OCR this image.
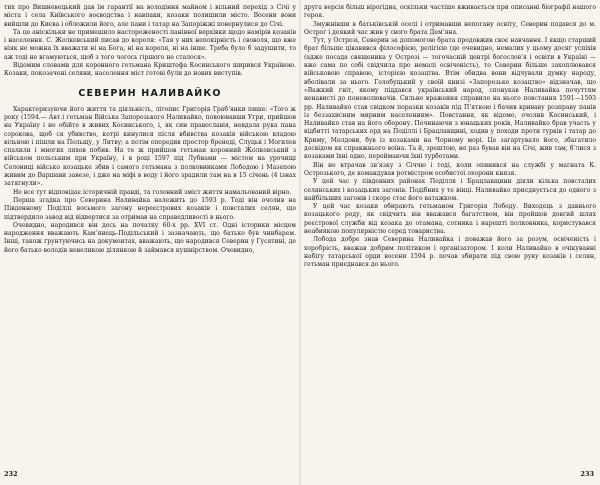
тих про Вишневецький дав їм гарантії на володіння майном і вільний перехід з Січі у міста і села Київського воєводства і навпаки, козаки полишили місто. Восени вони вийшли до Києва і обложили його, але пани і татар на Запоріжжі повернулися до Січі.

Та це аніскільки не примешило настороженості панівної верхівки щодо намірів козаків і населення. С. Жолкевський писав до короля: «Тая у них непокірність і своволя, що вже ніяк не можна їх вважати ні на Бога, ні на короля, ні на іншe. Треба було б задушити, то аж тоді не вгамуються, щоб з того чогось гіршого не сталося».

Відомим словами для коронного гетьмана Криштофа Косинського ширився Україною. Козаки, покозачені селяни, населення міст готові були до нових виступів.

СЕВЕРИН НАЛИВАЙКО

Характеризуючи його життя та діяльність, літопис Григорія Грабʼянки пише: «Того ж року (1594.— Авт.) гетьман Війська Запорозького Наливайко, повоювавши Угри, прийшов на Україну і не обійте в живих Косинського, і, як син православія, невдала рука пана сорокова, щоб ся убивство, котрі кинулися після вбивства козаків війською владою вільною і пішли на Польщу, у Литву; а потім опередив простор бренеді, Слуцьк і Могилев спалили і многих ляхов побив. На те ж прийшов гетьман коронний Жолкевський з військом польським при Україну, і в році 1597 під Лубнами — містом на урочищі Солониці військо козацьке збив і самого гетьмана з полковниками Лободою і Мазепою живим до Варшави завезе, і дже на міфі в воду і його зрадили там на в 15 січень (4 ізнах затягнули».

Не все тут відповідає історичній правді, та головний зміст життя намальований вірно.

Перша згадка про Северина Наливайка належить до 1593 р. Тоді він очолив на Південному Поділлі восьмого загону нереєстрових козаків і повсталих селян, що підтвердило завод від відвертися за отримав на справедливості в нього.

Очевидно, народився він десь на початку 60-х рр. XVI ст. Одні історики місцем народження вважають Камʼянець-Подільський і зазначають, що батько був чинбарем. Інші, також ґрунтуючись на документах, вважають, що народився Северин у Гусятині, де його батько володів невеликою ділянкою й займався кушнірством. Очевидно,

232

друга версія більш вірогідна, оскільки частіше вживається при описанні біографії нашого героя.

Змужнівши в батьківській оселі і отримавши непогану освіту, Северин подався до м. Острог і деякий час жив у свого брата Демʼяна.

Тут, у Острозі, Северин за допомогою брата продовжив своє навчання. І якщо старший брат більше цікавився філософією, релігією (це очевидно, немалих у цьому досяг успіхів (адже посада священика у Острозі — тогочасній центрі богослов’я і освіти в Україні — вже сама по собі свідчила про немалі освіченість), то Северин більше захоплювався військовою справою, історією козацтва. Втім обидва вони відчували думку народу, вболівали за нього. Голобуцький у своїй книзі «Запорозьке козацтво» відзначав, що «Важкий гніт, якому піддався український народ, спонукав Наливайка почуттям ненависті до поневолювачів. Сильне враження справило на нього повстання 1591—1593 рр. Наливайко став свідком поразки козаків під П’яткою і бачив криваву розправу панів із беззахисним мирним населенням». Повстання, як відомо, очолив Косинський, і Наливайко став на його оборону. Починаючи з юнацьких років, Наливайко брав участь у відбитті татарських орд на Поділлі і Брацлавщині, ходив у походи проти турків і татар до Криму, Молдови, був із козаками на Чорному морі. Це загартувало його, збагатило досвідом як справжнього воїна. Та й, зрештою, не раз бував він на Січі, жив там, бʼлися з козаками їхні одно, переймаючи їхні турботами.

Він не втрачав зв’язку з Січчю і тоді, коли опинився на службі у магната К. Острозького, де командував ротмістром особистої охорони князя.

У цей час у південних районах Поділля і Брацлавщини діяли кілька повсталих селянських і козацьких загонів. Подібних у те вінці. Наливайко приєднується до одного з найбільших загонів і скоро стає його ватажком.

У цей час козаки обирають гетьманом Григорія Лободу. Виходець з давнього козацького роду, як свідчить він вважався багатством, він пройшов довгий шлях реєстрової служби від козака до отамана, сотника і нарешті полковника, користувався неабиякою популярністю серед товариства.

Лобода добре знав Северина Наливайка і поважав його за розум, освіченість і хоробрість, вважав добрим політиком і організатором. І коли Наливайко в очікуванні набігу татарської орди восени 1594 р. почав збирати під свою руку козаків і селян, гетьман приєднався до нього.

233
